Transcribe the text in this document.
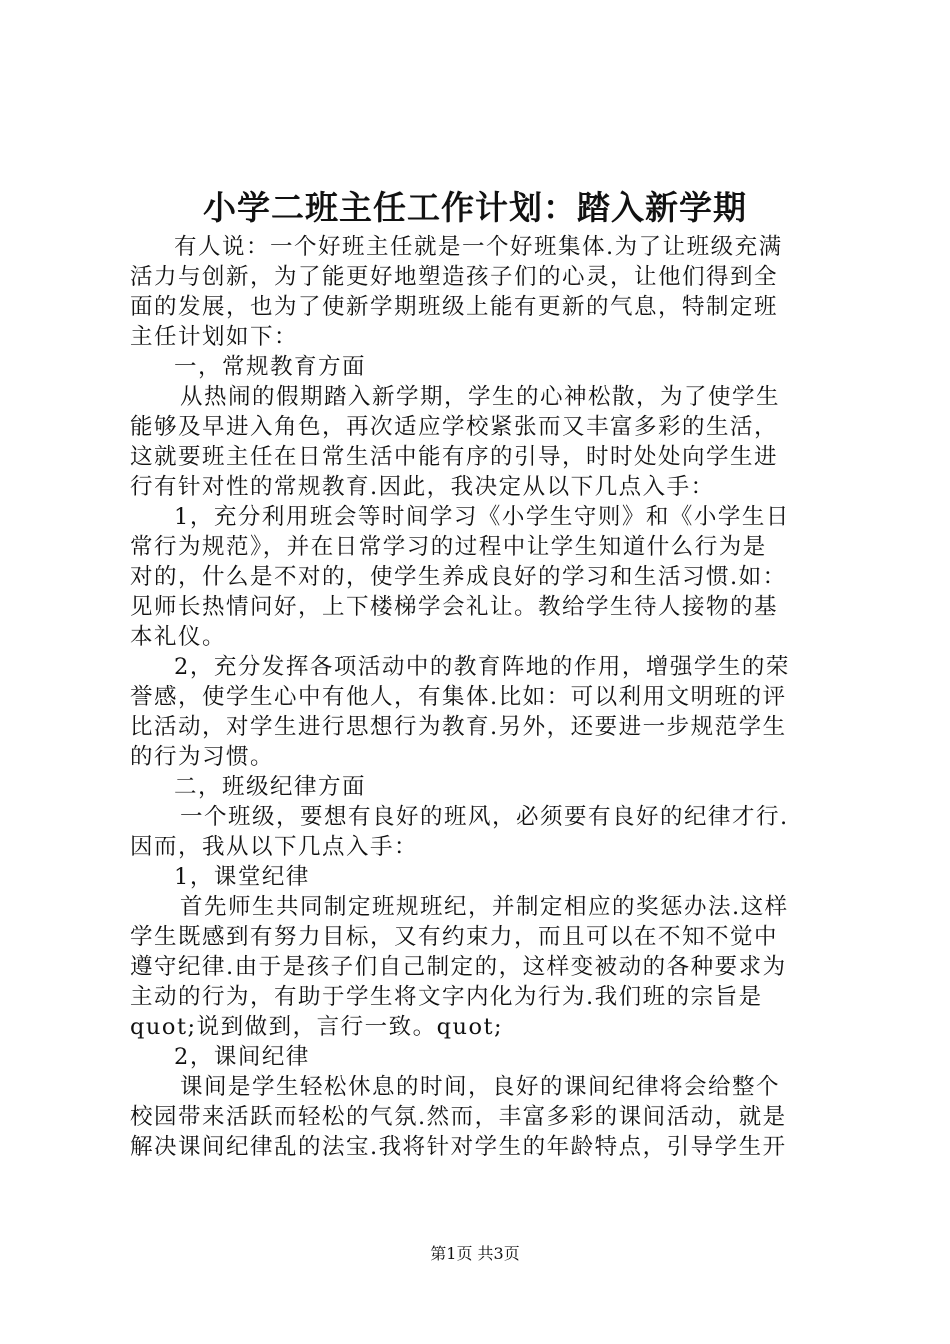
小学二班主任工作计划：踏入新学期
有人说：一个好班主任就是一个好班集体.为了让班级充满
活力与创新，为了能更好地塑造孩子们的心灵，让他们得到全
面的发展，也为了使新学期班级上能有更新的气息，特制定班
主任计划如下：
一，常规教育方面
从热闹的假期踏入新学期，学生的心神松散，为了使学生
能够及早进入角色，再次适应学校紧张而又丰富多彩的生活，
这就要班主任在日常生活中能有序的引导，时时处处向学生进
行有针对性的常规教育.因此，我决定从以下几点入手：
1，充分利用班会等时间学习《小学生守则》和《小学生日
常行为规范》，并在日常学习的过程中让学生知道什么行为是
对的，什么是不对的，使学生养成良好的学习和生活习惯.如：
见师长热情问好，上下楼梯学会礼让。教给学生待人接物的基
本礼仪。
2，充分发挥各项活动中的教育阵地的作用，增强学生的荣
誉感，使学生心中有他人，有集体.比如：可以利用文明班的评
比活动，对学生进行思想行为教育.另外，还要进一步规范学生
的行为习惯。
二，班级纪律方面
一个班级，要想有良好的班风，必须要有良好的纪律才行.
因而，我从以下几点入手：
1，课堂纪律
首先师生共同制定班规班纪，并制定相应的奖惩办法.这样
学生既感到有努力目标，又有约束力，而且可以在不知不觉中
遵守纪律.由于是孩子们自己制定的，这样变被动的各种要求为
主动的行为，有助于学生将文字内化为行为.我们班的宗旨是
quot;说到做到，言行一致。quot;
2，课间纪律
课间是学生轻松休息的时间，良好的课间纪律将会给整个
校园带来活跃而轻松的气氛.然而，丰富多彩的课间活动，就是
解决课间纪律乱的法宝.我将针对学生的年龄特点，引导学生开
第1页 共3页
